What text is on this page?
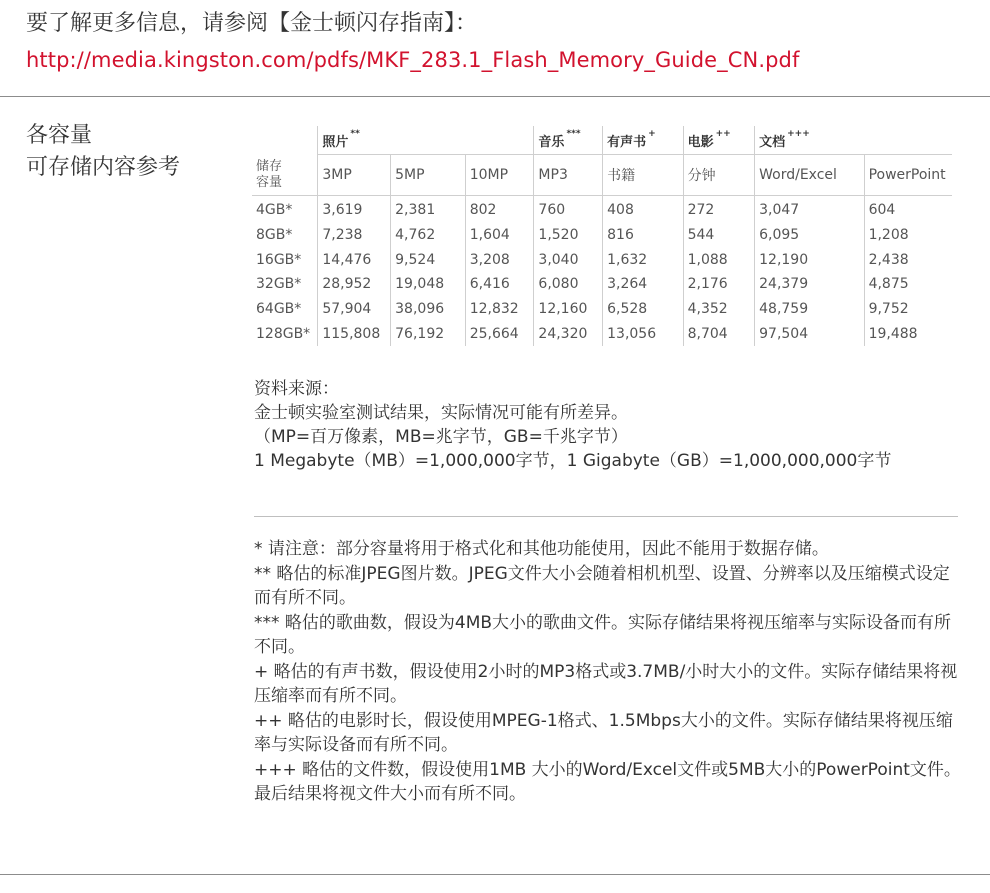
要了解更多信息，请参阅【金士顿闪存指南】：
http://media.kingston.com/pdfs/MKF_283.1_Flash_Memory_Guide_CN.pdf
各容量
可存储内容参考
	照片**			音乐***	有声书+	电影++	文档+++

储存
容量	3MP	5MP	10MP	MP3	书籍	分钟	Word/Excel	PowerPoint
4GB*	3,619	2,381	802	760	408	272	3,047	604
8GB*	7,238	4,762	1,604	1,520	816	544	6,095	1,208
16GB*	14,476	9,524	3,208	3,040	1,632	1,088	12,190	2,438
32GB*	28,952	19,048	6,416	6,080	3,264	2,176	24,379	4,875
64GB*	57,904	38,096	12,832	12,160	6,528	4,352	48,759	9,752
128GB*	115,808	76,192	25,664	24,320	13,056	8,704	97,504	19,488

资料来源：

金士顿实验室测试结果，实际情况可能有所差异。

（MP=百万像素，MB=兆字节，GB=千兆字节）

1 Megabyte（MB）=1,000,000字节，1 Gigabyte（GB）=1,000,000,000字节

* 请注意：部分容量将用于格式化和其他功能使用，因此不能用于数据存储。

** 略估的标准JPEG图片数。JPEG文件大小会随着相机机型、设置、分辨率以及压缩模式设定而有所不同。

*** 略估的歌曲数，假设为4MB大小的歌曲文件。实际存储结果将视压缩率与实际设备而有所不同。

+ 略估的有声书数，假设使用2小时的MP3格式或3.7MB/小时大小的文件。实际存储结果将视压缩率而有所不同。

++ 略估的电影时长，假设使用MPEG-1格式、1.5Mbps大小的文件。实际存储结果将视压缩率与实际设备而有所不同。

+++ 略估的文件数，假设使用1MB 大小的Word/Excel文件或5MB大小的PowerPoint文件。最后结果将视文件大小而有所不同。
